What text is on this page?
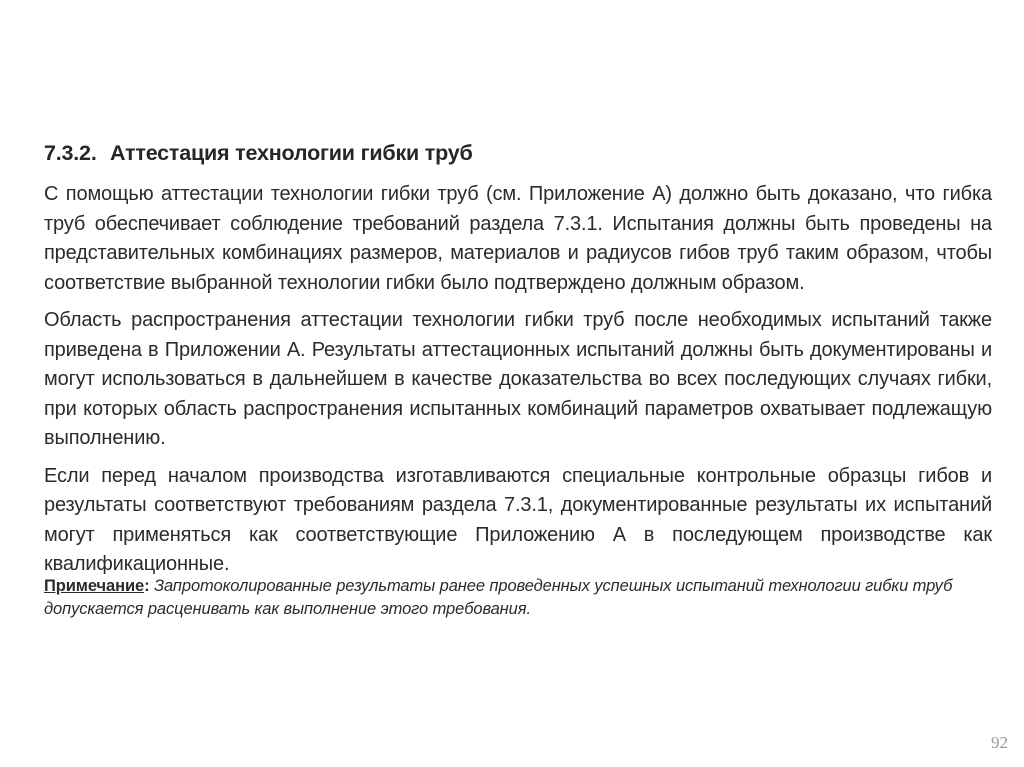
7.3.2. Аттестация технологии гибки труб

С помощью аттестации технологии гибки труб (см. Приложение А) должно быть доказано, что гибка труб обеспечивает соблюдение требований раздела 7.3.1. Испытания должны быть проведены на представительных комбинациях размеров, материалов и радиусов гибов труб таким образом, чтобы соответствие выбранной технологии гибки было подтверждено должным образом.

Область распространения аттестации технологии гибки труб после необходимых испытаний также приведена в Приложении А. Результаты аттестационных испытаний должны быть документированы и могут использоваться в дальнейшем в качестве доказательства во всех последующих случаях гибки, при которых область распространения испытанных комбинаций параметров охватывает подлежащую выполнению.

Если перед началом производства изготавливаются специальные контрольные образцы гибов и результаты соответствуют требованиям раздела 7.3.1, документированные результаты их испытаний могут применяться как соответствующие Приложению А в последующем производстве как квалификационные.

Примечание: Запротоколированные результаты ранее проведенных успешных испытаний технологии гибки труб допускается расценивать как выполнение этого требования.
92
